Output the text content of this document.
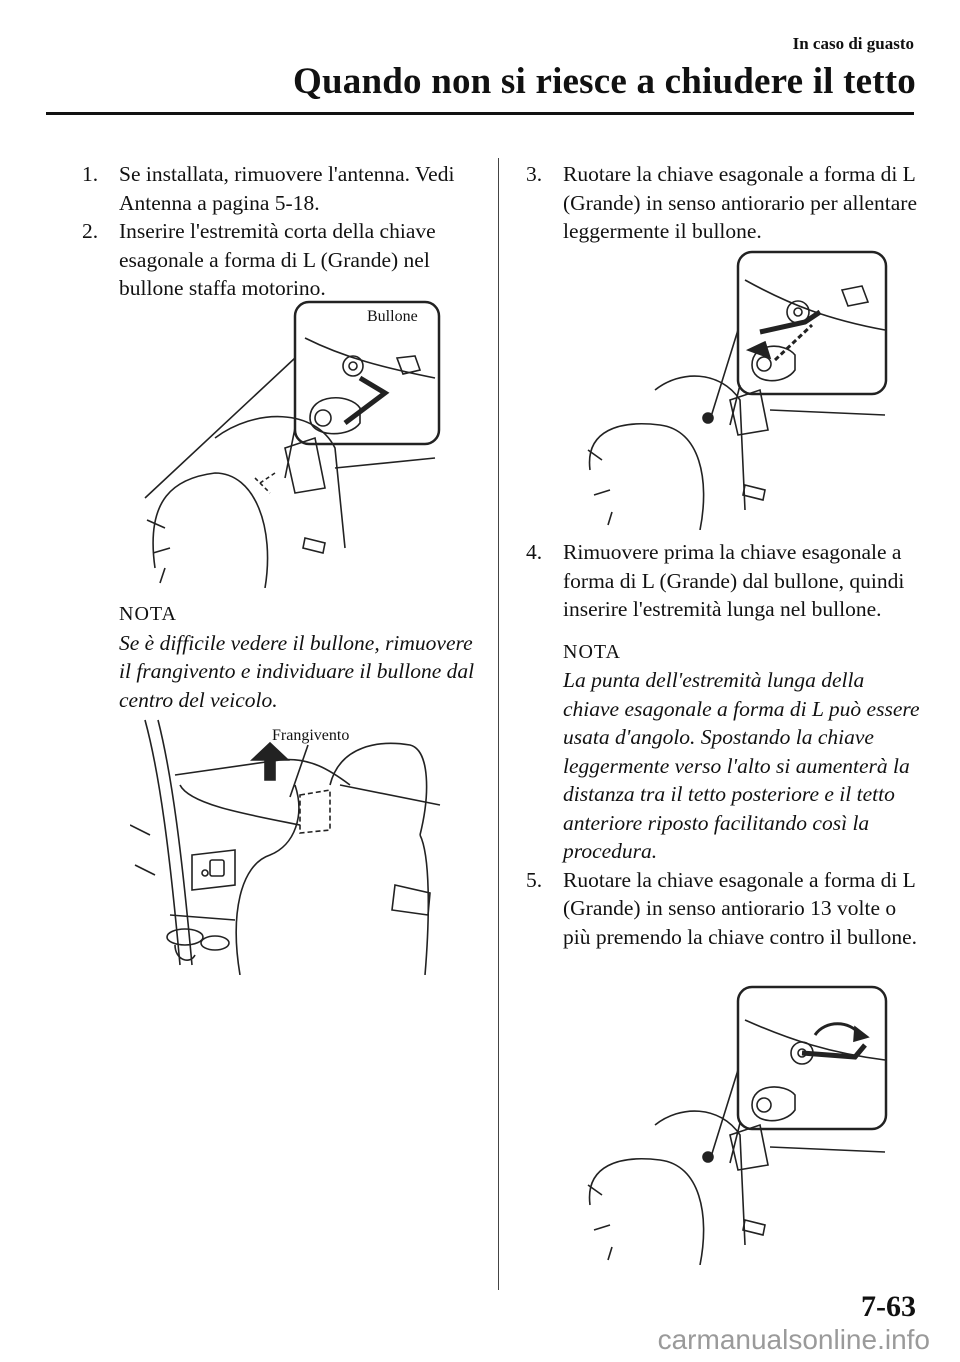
In caso di guasto
Quando non si riesce a chiudere il tetto
1. Se installata, rimuovere l'antenna. Vedi Antenna a pagina 5-18.
2. Inserire l'estremità corta della chiave esagonale a forma di L (Grande) nel bullone staffa motorino.
Bullone
NOTA
Se è difficile vedere il bullone, rimuovere il frangivento e individuare il bullone dal centro del veicolo.
Frangivento
3. Ruotare la chiave esagonale a forma di L (Grande) in senso antiorario per allentare leggermente il bullone.
4. Rimuovere prima la chiave esagonale a forma di L (Grande) dal bullone, quindi inserire l'estremità lunga nel bullone.
NOTA
La punta dell'estremità lunga della chiave esagonale a forma di L può essere usata d'angolo. Spostando la chiave leggermente verso l'alto si aumenterà la distanza tra il tetto posteriore e il tetto anteriore riposto facilitando così la procedura.
5. Ruotare la chiave esagonale a forma di L (Grande) in senso antiorario 13 volte o più premendo la chiave contro il bullone.
7-63
carmanualsonline.info
